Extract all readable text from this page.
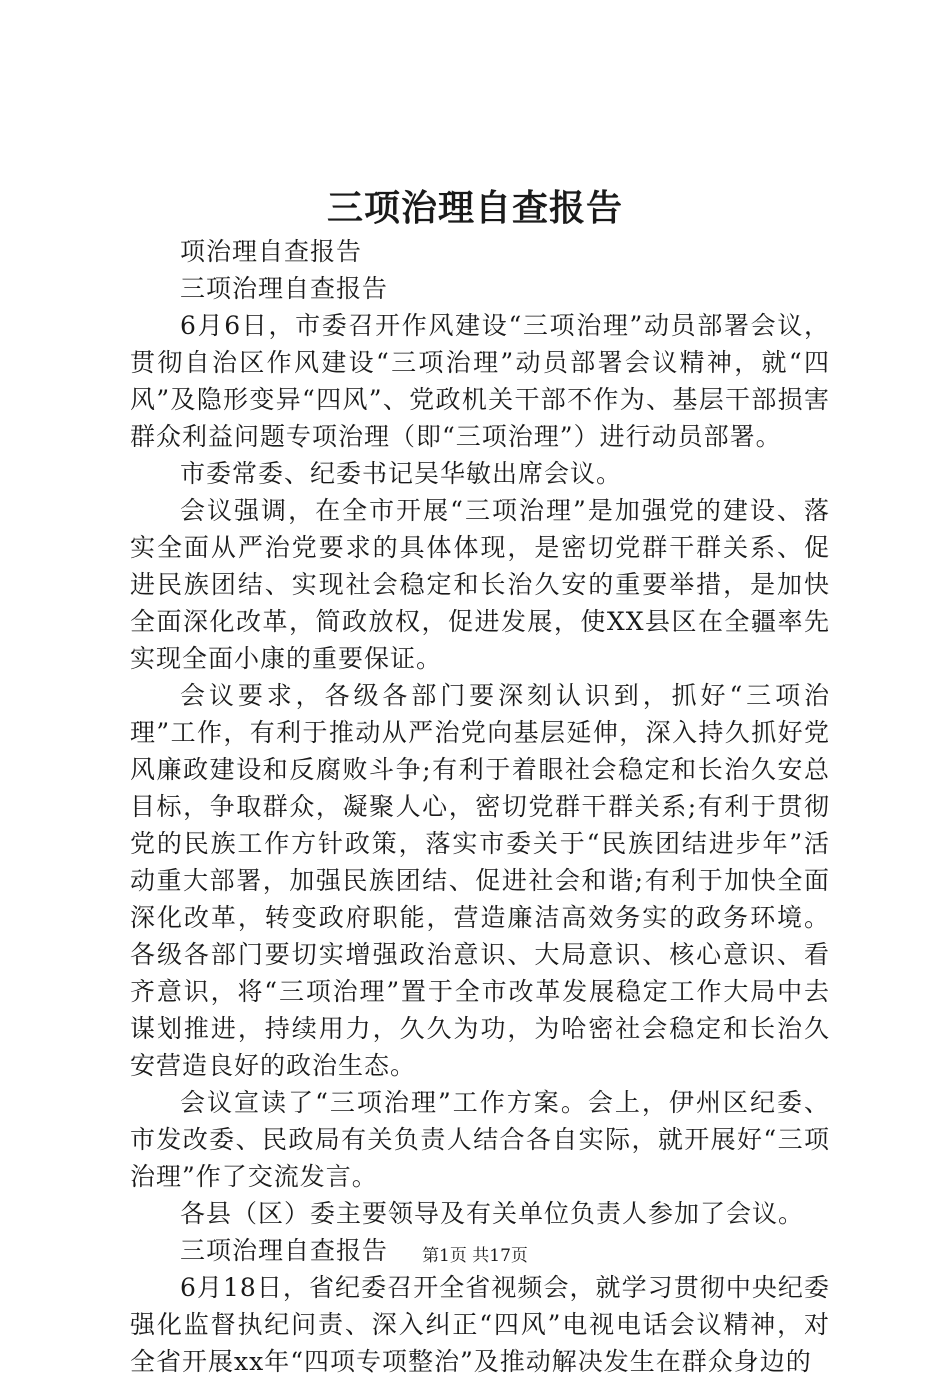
三项治理自查报告

项治理自查报告

三项治理自查报告

6月6日，市委召开作风建设“三项治理”动员部署会议，贯彻自治区作风建设“三项治理”动员部署会议精神，就“四风”及隐形变异“四风”、党政机关干部不作为、基层干部损害群众利益问题专项治理（即“三项治理”）进行动员部署。

市委常委、纪委书记吴华敏出席会议。

会议强调，在全市开展“三项治理”是加强党的建设、落实全面从严治党要求的具体体现，是密切党群干群关系、促进民族团结、实现社会稳定和长治久安的重要举措，是加快全面深化改革，简政放权，促进发展，使XX县区在全疆率先实现全面小康的重要保证。

会议要求，各级各部门要深刻认识到，抓好“三项治理”工作，有利于推动从严治党向基层延伸，深入持久抓好党风廉政建设和反腐败斗争;有利于着眼社会稳定和长治久安总目标，争取群众，凝聚人心，密切党群干群关系;有利于贯彻党的民族工作方针政策，落实市委关于“民族团结进步年”活动重大部署，加强民族团结、促进社会和谐;有利于加快全面深化改革，转变政府职能，营造廉洁高效务实的政务环境。各级各部门要切实增强政治意识、大局意识、核心意识、看齐意识，将“三项治理”置于全市改革发展稳定工作大局中去谋划推进，持续用力，久久为功，为哈密社会稳定和长治久安营造良好的政治生态。

会议宣读了“三项治理”工作方案。会上，伊州区纪委、市发改委、民政局有关负责人结合各自实际，就开展好“三项治理”作了交流发言。

各县（区）委主要领导及有关单位负责人参加了会议。

三项治理自查报告

6月18日，省纪委召开全省视频会，就学习贯彻中央纪委强化监督执纪问责、深入纠正“四风”电视电话会议精神，对全省开展xx年“四项专项整治”及推动解决发生在群众身边的

第1页 共17页
